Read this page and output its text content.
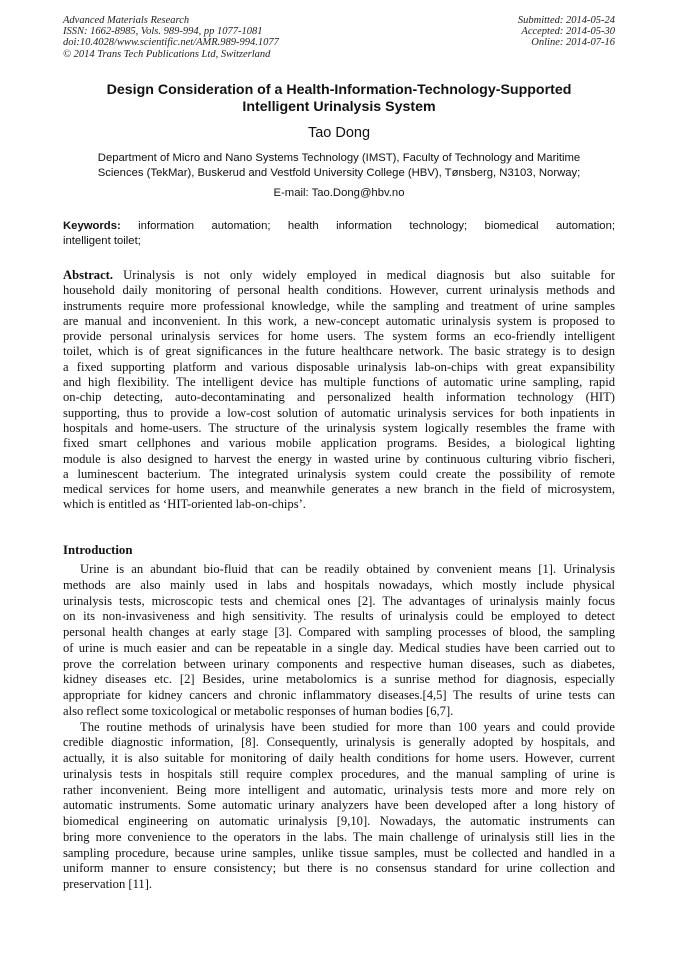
Advanced Materials Research
ISSN: 1662-8985, Vols. 989-994, pp 1077-1081
doi:10.4028/www.scientific.net/AMR.989-994.1077
© 2014 Trans Tech Publications Ltd, Switzerland
Submitted: 2014-05-24
Accepted: 2014-05-30
Online: 2014-07-16
Design Consideration of a Health-Information-Technology-Supported
Intelligent Urinalysis System
Tao Dong
Department of Micro and Nano Systems Technology (IMST), Faculty of Technology and Maritime
Sciences (TekMar), Buskerud and Vestfold University College (HBV), Tønsberg, N3103, Norway;
E-mail: Tao.Dong@hbv.no
Keywords: information automation; health information technology; biomedical automation;
intelligent toilet;
Abstract. Urinalysis is not only widely employed in medical diagnosis but also suitable for
household daily monitoring of personal health conditions. However, current urinalysis methods and
instruments require more professional knowledge, while the sampling and treatment of urine samples
are manual and inconvenient. In this work, a new-concept automatic urinalysis system is proposed to
provide personal urinalysis services for home users. The system forms an eco-friendly intelligent
toilet, which is of great significances in the future healthcare network. The basic strategy is to design
a fixed supporting platform and various disposable urinalysis lab-on-chips with great expansibility
and high flexibility. The intelligent device has multiple functions of automatic urine sampling, rapid
on-chip detecting, auto-decontaminating and personalized health information technology (HIT)
supporting, thus to provide a low-cost solution of automatic urinalysis services for both inpatients in
hospitals and home-users. The structure of the urinalysis system logically resembles the frame with
fixed smart cellphones and various mobile application programs. Besides, a biological lighting
module is also designed to harvest the energy in wasted urine by continuous culturing vibrio fischeri,
a luminescent bacterium. The integrated urinalysis system could create the possibility of remote
medical services for home users, and meanwhile generates a new branch in the field of microsystem,
which is entitled as ‘HIT-oriented lab-on-chips’.
Introduction
Urine is an abundant bio-fluid that can be readily obtained by convenient means [1]. Urinalysis
methods are also mainly used in labs and hospitals nowadays, which mostly include physical
urinalysis tests, microscopic tests and chemical ones [2]. The advantages of urinalysis mainly focus
on its non-invasiveness and high sensitivity. The results of urinalysis could be employed to detect
personal health changes at early stage [3]. Compared with sampling processes of blood, the sampling
of urine is much easier and can be repeatable in a single day. Medical studies have been carried out to
prove the correlation between urinary components and respective human diseases, such as diabetes,
kidney diseases etc. [2] Besides, urine metabolomics is a sunrise method for diagnosis, especially
appropriate for kidney cancers and chronic inflammatory diseases.[4,5] The results of urine tests can
also reflect some toxicological or metabolic responses of human bodies [6,7].
The routine methods of urinalysis have been studied for more than 100 years and could provide
credible diagnostic information, [8]. Consequently, urinalysis is generally adopted by hospitals, and
actually, it is also suitable for monitoring of daily health conditions for home users. However, current
urinalysis tests in hospitals still require complex procedures, and the manual sampling of urine is
rather inconvenient. Being more intelligent and automatic, urinalysis tests more and more rely on
automatic instruments. Some automatic urinary analyzers have been developed after a long history of
biomedical engineering on automatic urinalysis [9,10]. Nowadays, the automatic instruments can
bring more convenience to the operators in the labs. The main challenge of urinalysis still lies in the
sampling procedure, because urine samples, unlike tissue samples, must be collected and handled in a
uniform manner to ensure consistency; but there is no consensus standard for urine collection and
preservation [11].
